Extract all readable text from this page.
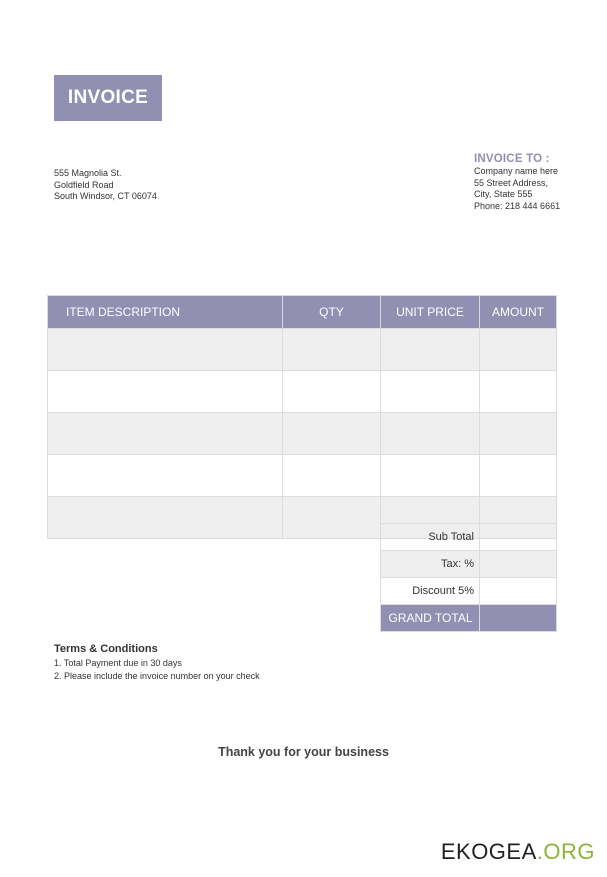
INVOICE
555 Magnolia St.
Goldfield Road
South Windsor, CT 06074
INVOICE TO :
Company name here
55 Street Address,
City, State 555
Phone: 218 444 6661
ITEM DESCRIPTION	QTY	UNIT PRICE	AMOUNT

Sub Total	
Tax: %	
Discount 5%	
GRAND TOTAL	
Terms & Conditions
1. Total Payment due in 30 days
2. Please include the invoice number on your check
Thank you for your business
EKOGEA.ORG
